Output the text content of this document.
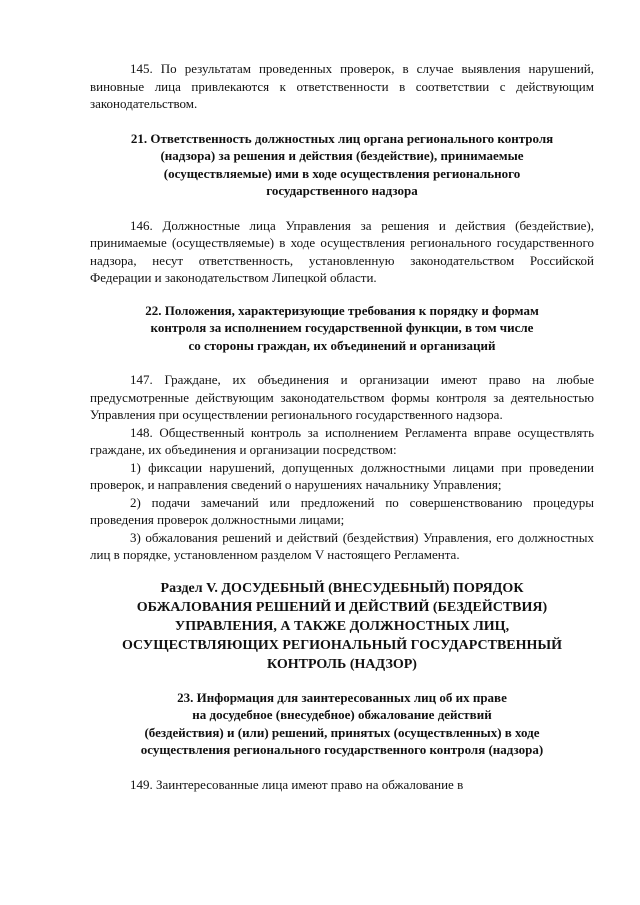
145. По результатам проведенных проверок, в случае выявления нарушений, виновные лица привлекаются к ответственности в соответствии с действующим законодательством.

21. Ответственность должностных лиц органа регионального контроля
(надзора) за решения и действия (бездействие), принимаемые
(осуществляемые) ими в ходе осуществления регионального
государственного надзора

146. Должностные лица Управления за решения и действия (бездействие), принимаемые (осуществляемые) в ходе осуществления регионального государственного надзора, несут ответственность, установленную законодательством Российской Федерации и законодательством Липецкой области.

22. Положения, характеризующие требования к порядку и формам
контроля за исполнением государственной функции, в том числе
со стороны граждан, их объединений и организаций

147. Граждане, их объединения и организации имеют право на любые предусмотренные действующим законодательством формы контроля за деятельностью Управления при осуществлении регионального государственного надзора.

148. Общественный контроль за исполнением Регламента вправе осуществлять граждане, их объединения и организации посредством:

1) фиксации нарушений, допущенных должностными лицами при проведении проверок, и направления сведений о нарушениях начальнику Управления;

2) подачи замечаний или предложений по совершенствованию процедуры проведения проверок должностными лицами;

3) обжалования решений и действий (бездействия) Управления, его должностных лиц в порядке, установленном разделом V настоящего Регламента.

Раздел V. ДОСУДЕБНЫЙ (ВНЕСУДЕБНЫЙ) ПОРЯДОК
ОБЖАЛОВАНИЯ РЕШЕНИЙ И ДЕЙСТВИЙ (БЕЗДЕЙСТВИЯ)
УПРАВЛЕНИЯ, А ТАКЖЕ ДОЛЖНОСТНЫХ ЛИЦ,
ОСУЩЕСТВЛЯЮЩИХ РЕГИОНАЛЬНЫЙ ГОСУДАРСТВЕННЫЙ
КОНТРОЛЬ (НАДЗОР)
23. Информация для заинтересованных лиц об их праве
на досудебное (внесудебное) обжалование действий
(бездействия) и (или) решений, принятых (осуществленных) в ходе
осуществления регионального государственного контроля (надзора)

149. Заинтересованные лица имеют право на обжалование в
